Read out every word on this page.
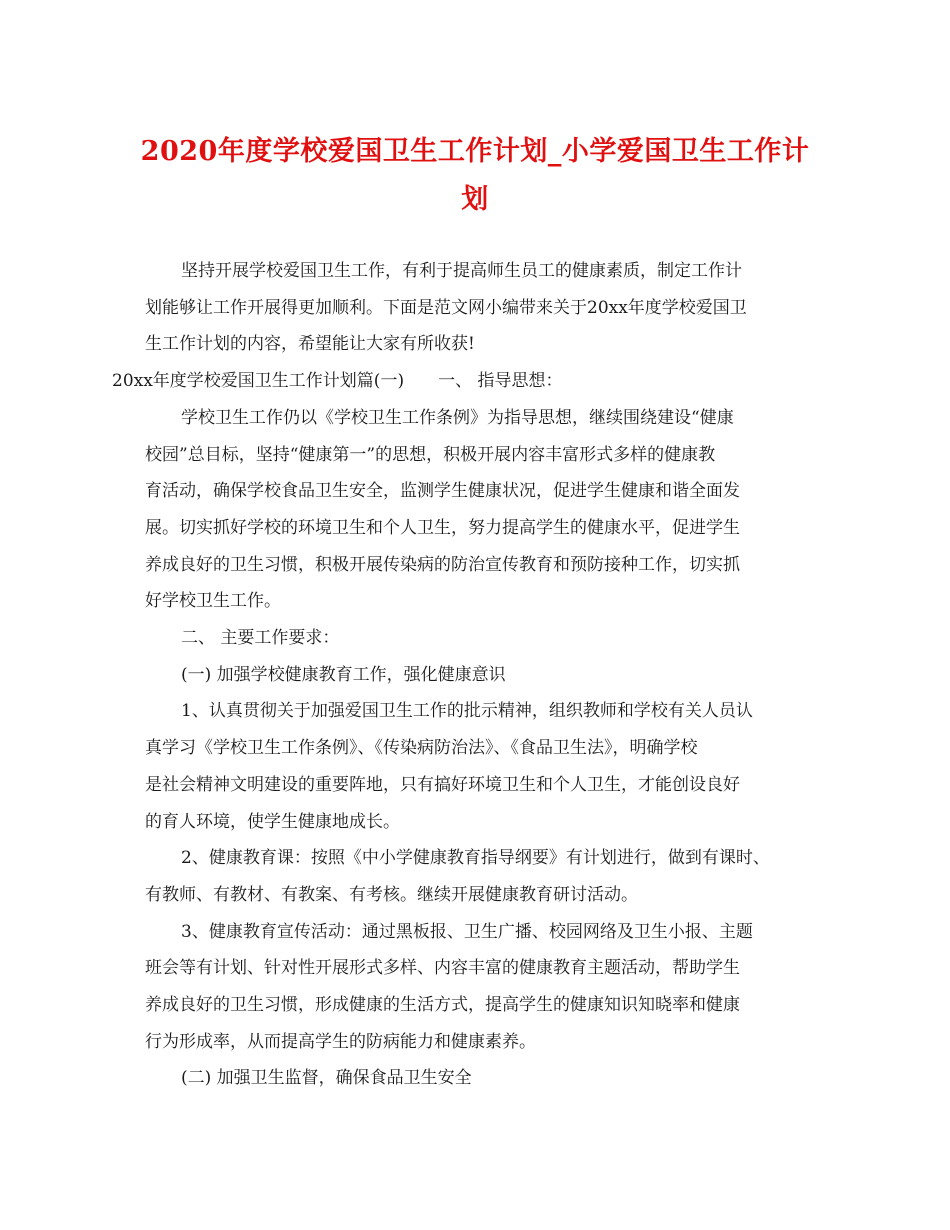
2020年度学校爱国卫生工作计划_小学爱国卫生工作计
划
坚持开展学校爱国卫生工作，有利于提高师生员工的健康素质，制定工作计
划能够让工作开展得更加顺利。下面是范文网小编带来关于20xx年度学校爱国卫
生工作计划的内容，希望能让大家有所收获!
20xx年度学校爱国卫生工作计划篇(一)　　一、 指导思想：
学校卫生工作仍以《学校卫生工作条例》为指导思想，继续围绕建设“健康
校园”总目标，坚持“健康第一”的思想，积极开展内容丰富形式多样的健康教
育活动，确保学校食品卫生安全，监测学生健康状况，促进学生健康和谐全面发
展。切实抓好学校的环境卫生和个人卫生，努力提高学生的健康水平，促进学生
养成良好的卫生习惯，积极开展传染病的防治宣传教育和预防接种工作，切实抓
好学校卫生工作。
二、 主要工作要求：
(一) 加强学校健康教育工作，强化健康意识
1、认真贯彻关于加强爱国卫生工作的批示精神，组织教师和学校有关人员认
真学习《学校卫生工作条例》、《传染病防治法》、《食品卫生法》，明确学校
是社会精神文明建设的重要阵地，只有搞好环境卫生和个人卫生，才能创设良好
的育人环境，使学生健康地成长。
2、健康教育课：按照《中小学健康教育指导纲要》有计划进行，做到有课时、
有教师、有教材、有教案、有考核。继续开展健康教育研讨活动。
3、健康教育宣传活动：通过黑板报、卫生广播、校园网络及卫生小报、主题
班会等有计划、针对性开展形式多样、内容丰富的健康教育主题活动，帮助学生
养成良好的卫生习惯，形成健康的生活方式，提高学生的健康知识知晓率和健康
行为形成率，从而提高学生的防病能力和健康素养。
(二) 加强卫生监督，确保食品卫生安全
